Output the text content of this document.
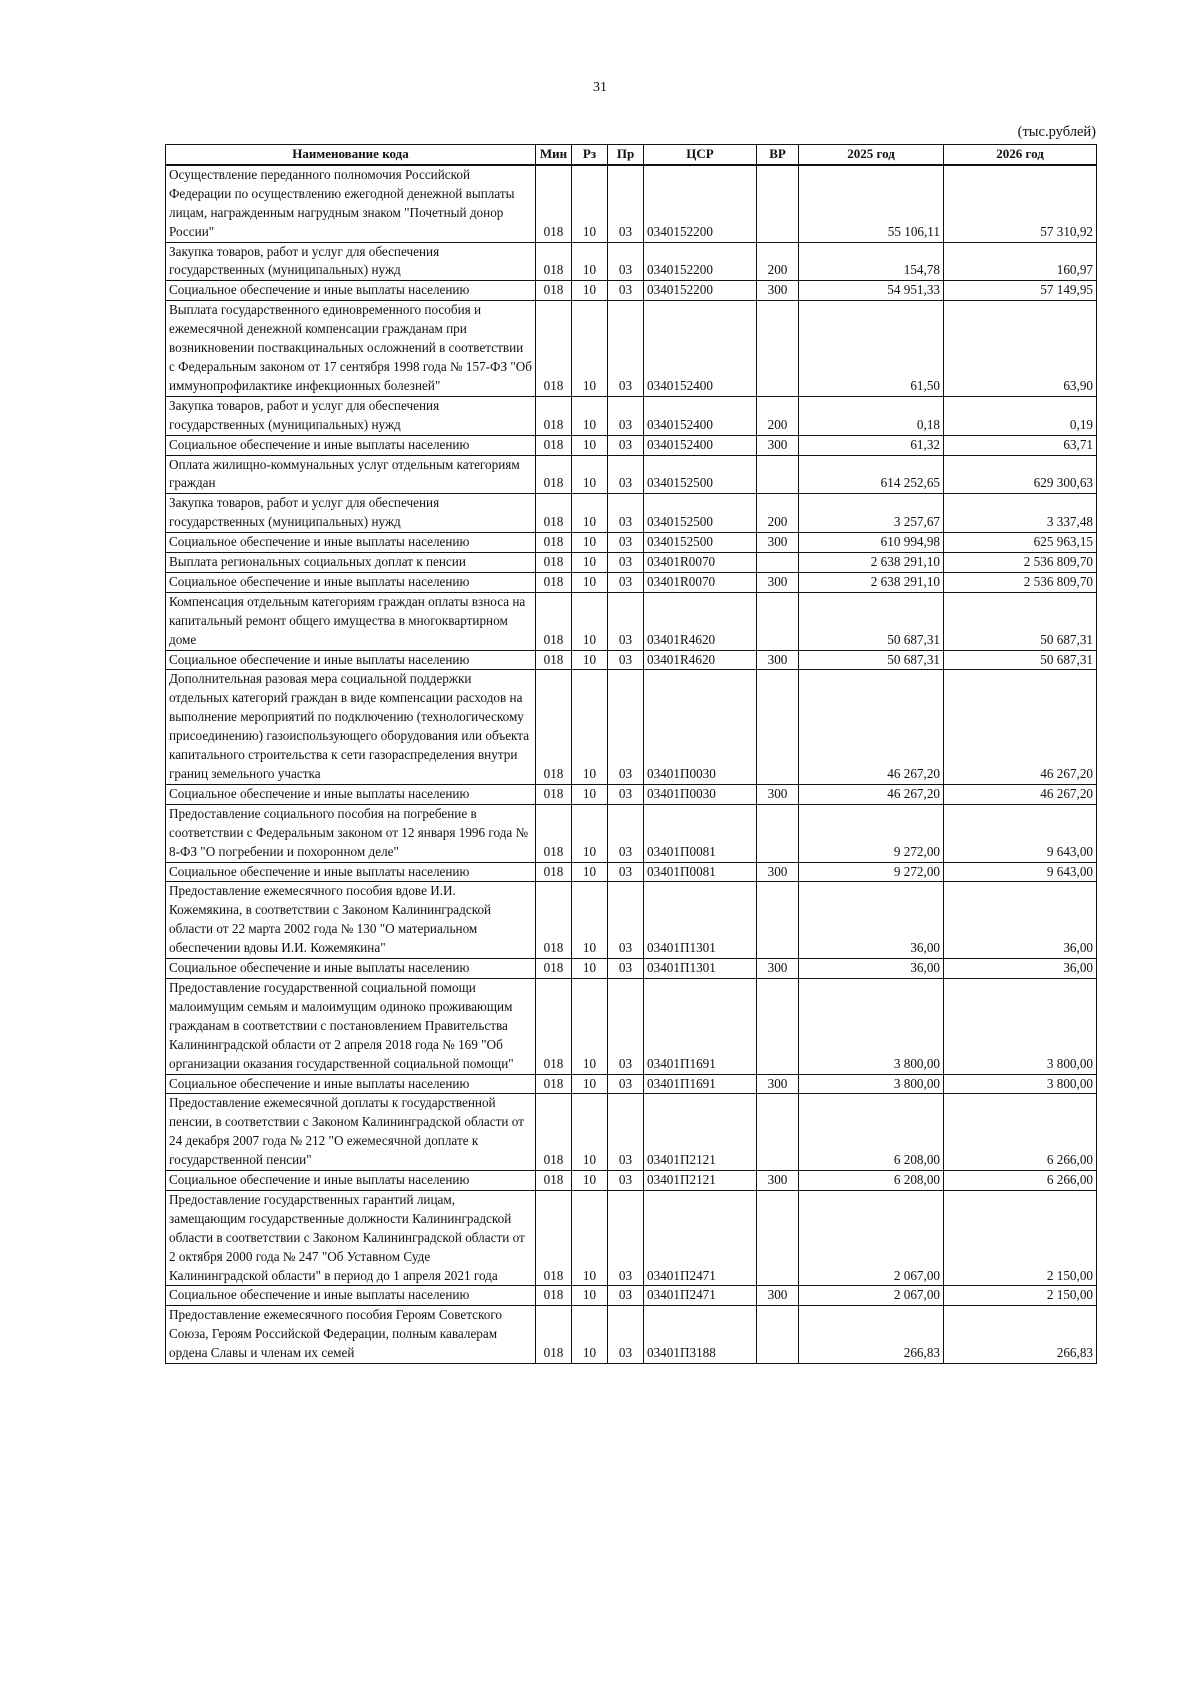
31
(тыс.рублей)
Наименование кода	Мин	Рз	Пр	ЦСР	ВР	2025 год	2026 год
Осуществление переданного полномочия Российской Федерации по осуществлению ежегодной денежной выплаты лицам, награжденным нагрудным знаком "Почетный донор России"	018	10	03	0340152200		55 106,11	57 310,92
Закупка товаров, работ и услуг для обеспечения государственных (муниципальных) нужд	018	10	03	0340152200	200	154,78	160,97
Социальное обеспечение и иные выплаты населению	018	10	03	0340152200	300	54 951,33	57 149,95
Выплата государственного единовременного пособия и ежемесячной денежной компенсации гражданам при возникновении поствакцинальных осложнений в соответствии с Федеральным законом от 17 сентября 1998 года № 157-ФЗ "Об иммунопрофилактике инфекционных болезней"	018	10	03	0340152400		61,50	63,90
Закупка товаров, работ и услуг для обеспечения государственных (муниципальных) нужд	018	10	03	0340152400	200	0,18	0,19
Социальное обеспечение и иные выплаты населению	018	10	03	0340152400	300	61,32	63,71
Оплата жилищно-коммунальных услуг отдельным категориям граждан	018	10	03	0340152500		614 252,65	629 300,63
Закупка товаров, работ и услуг для обеспечения государственных (муниципальных) нужд	018	10	03	0340152500	200	3 257,67	3 337,48
Социальное обеспечение и иные выплаты населению	018	10	03	0340152500	300	610 994,98	625 963,15
Выплата региональных социальных доплат к пенсии	018	10	03	03401R0070		2 638 291,10	2 536 809,70
Социальное обеспечение и иные выплаты населению	018	10	03	03401R0070	300	2 638 291,10	2 536 809,70
Компенсация отдельным категориям граждан оплаты взноса на капитальный ремонт общего имущества в многоквартирном доме	018	10	03	03401R4620		50 687,31	50 687,31
Социальное обеспечение и иные выплаты населению	018	10	03	03401R4620	300	50 687,31	50 687,31
Дополнительная разовая мера социальной поддержки отдельных категорий граждан в виде компенсации расходов на выполнение мероприятий по подключению (технологическому присоединению) газоиспользующего оборудования или объекта капитального строительства к сети газораспределения внутри границ земельного участка	018	10	03	03401П0030		46 267,20	46 267,20
Социальное обеспечение и иные выплаты населению	018	10	03	03401П0030	300	46 267,20	46 267,20
Предоставление социального пособия на погребение в соответствии с Федеральным законом от 12 января 1996 года № 8-ФЗ "О погребении и похоронном деле"	018	10	03	03401П0081		9 272,00	9 643,00
Социальное обеспечение и иные выплаты населению	018	10	03	03401П0081	300	9 272,00	9 643,00
Предоставление ежемесячного пособия вдове И.И. Кожемякина, в соответствии с Законом Калининградской области от 22 марта 2002 года № 130 "О материальном обеспечении вдовы И.И. Кожемякина"	018	10	03	03401П1301		36,00	36,00
Социальное обеспечение и иные выплаты населению	018	10	03	03401П1301	300	36,00	36,00
Предоставление государственной социальной помощи малоимущим семьям и малоимущим одиноко проживающим гражданам в соответствии с постановлением Правительства Калининградской области от 2 апреля 2018 года № 169 "Об организации оказания государственной социальной помощи"	018	10	03	03401П1691		3 800,00	3 800,00
Социальное обеспечение и иные выплаты населению	018	10	03	03401П1691	300	3 800,00	3 800,00
Предоставление ежемесячной доплаты к государственной пенсии, в соответствии с Законом Калининградской области от 24 декабря 2007 года № 212 "О ежемесячной доплате к государственной пенсии"	018	10	03	03401П2121		6 208,00	6 266,00
Социальное обеспечение и иные выплаты населению	018	10	03	03401П2121	300	6 208,00	6 266,00
Предоставление государственных гарантий лицам, замещающим государственные должности Калининградской области в соответствии с Законом Калининградской области от 2 октября 2000 года № 247 "Об Уставном Суде Калининградской области" в период до 1 апреля 2021 года	018	10	03	03401П2471		2 067,00	2 150,00
Социальное обеспечение и иные выплаты населению	018	10	03	03401П2471	300	2 067,00	2 150,00
Предоставление ежемесячного пособия Героям Советского Союза, Героям Российской Федерации, полным кавалерам ордена Славы и членам их семей	018	10	03	03401П3188		266,83	266,83
